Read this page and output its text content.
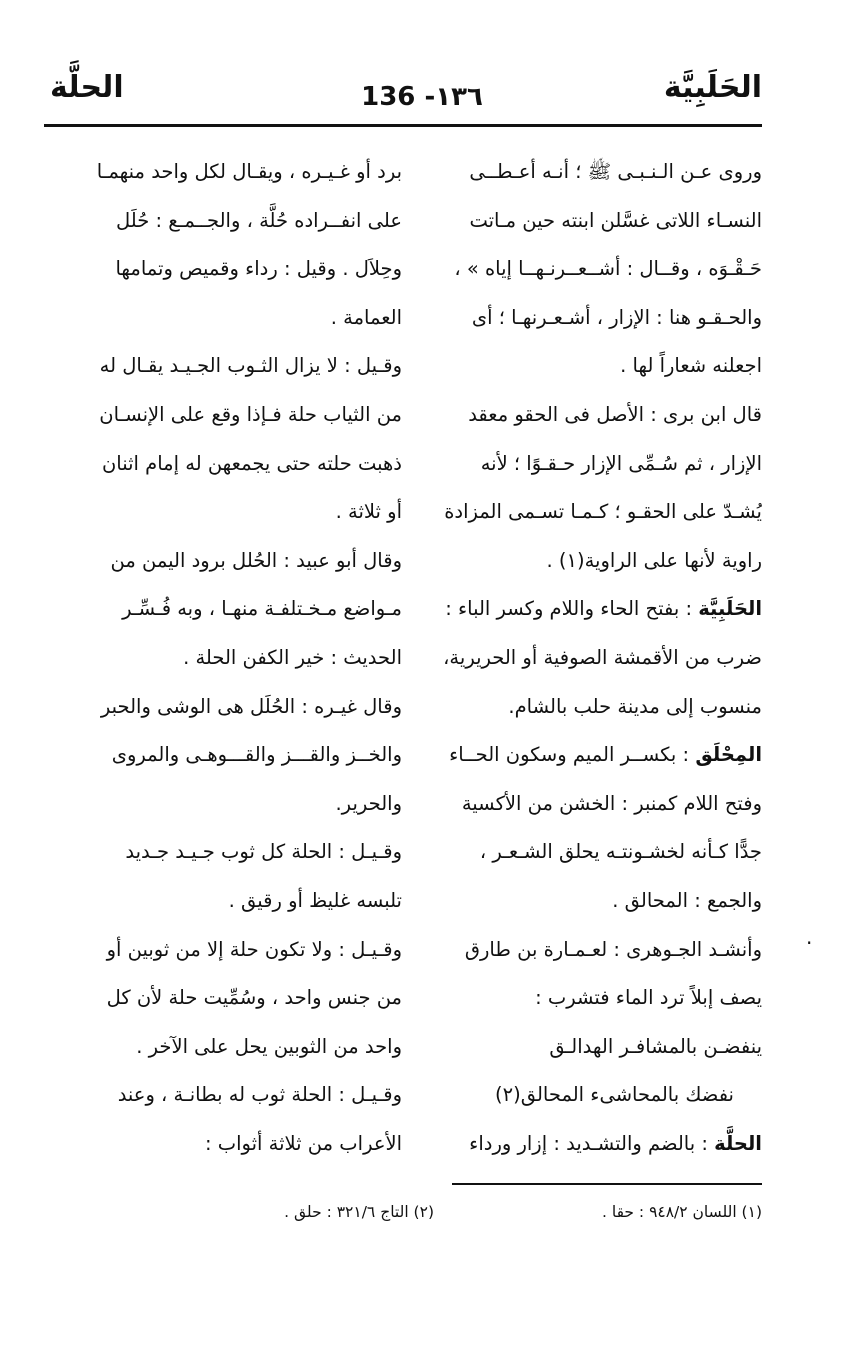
الحَلَبِيَّة
136 -١٣٦
الحلَّة
وروى عـن الـنـبـى ﷺ ؛ أنـه أعـطــى
النسـاء اللاتى غسَّلن ابنته حين مـاتت
حَـقْـوَه ، وقــال : أشــعــرنـهــا إياه » ،
والحـقـو هنا : الإزار ، أشـعـرنهـا ؛ أى
اجعلنه شعاراً لها .
قال ابن برى : الأصل فى الحقو معقد
الإزار ، ثم سُـمِّى الإزار حـقـوًا ؛ لأنه
يُشـدّ على الحقـو ؛ كـمـا تسـمى المزادة
راوية لأنها على الراوية(١) .
الحَلَبِيَّة : بفتح الحاء واللام وكسر الباء :
ضرب من الأقمشة الصوفية أو الحريرية،
منسوب إلى مدينة حلب بالشام.
المِحْلَق : بكســر الميم وسكون الحــاء
وفتح اللام كمنبر : الخشن من الأكسية
جدًّا كـأنه لخشـونتـه يحلق الشـعـر ،
والجمع : المحالق .
وأنشـد الجـوهرى : لعـمـارة بن طارق
يصف إبلاً ترد الماء فتشرب :
ينفضـن بالمشافـر الهدالـق
نفضك بالمحاشىء المحالق(٢)
الحلَّة : بالضم والتشـديد : إزار ورداء
برد أو غـيـره ، ويقـال لكل واحد منهمـا
على انفــراده حُلَّة ، والجــمـع : حُلَل
وحِلاَل . وقيل : رداء وقميص وتمامها
العمامة .
وقـيل : لا يزال الثـوب الجـيـد يقـال له
من الثياب حلة فـإذا وقع على الإنسـان
ذهبت حلته حتى يجمعهن له إمام اثنان
أو ثلاثة .
وقال أبو عبيد : الحُلل برود اليمن من
مـواضع مـخـتلفـة منهـا ، وبه فُـسِّـر
الحديث : خير الكفن الحلة .
وقال غيـره : الحُلَل هى الوشى والحبر
والخــز والقـــز والقـــوهـى والمروى
والحرير.
وقـيـل : الحلة كل ثوب جـيـد جـديد
تلبسه غليظ أو رقيق .
وقـيـل : ولا تكون حلة إلا من ثوبين أو
من جنس واحد ، وسُمِّيت حلة لأن كل
واحد من الثوبين يحل على الآخر .
وقـيـل : الحلة ثوب له بطانـة ، وعند
الأعراب من ثلاثة أثواب :
·
(١) اللسان ٩٤٨/٢ : حقا .
(٢) التاج ٣٢١/٦ : حلق .
